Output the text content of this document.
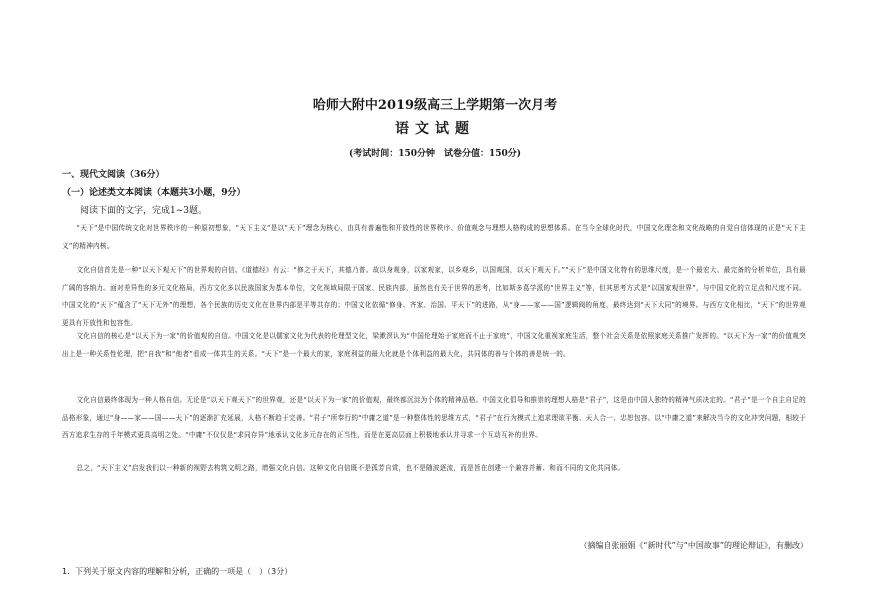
哈师大附中2019级高三上学期第一次月考
语文试题
(考试时间：150分钟　试卷分值：150分)
一、现代文阅读（36分）
（一）论述类文本阅读（本题共3小题，9分）
阅读下面的文字，完成1~3题。
“天下”是中国传统文化对世界秩序的一种原初想象，“天下主义”是以“天下”理念为核心，由具有普遍性和开放性的世界秩序、价值观念与理想人格构成的思想体系。在当今全球化时代，中国文化理念和文化战略的自觉自信体现的正是“天下主义”的精神内核。
文化自信首先是一种“以天下观天下”的世界观的自信。《道德经》有云：“修之于天下，其德乃普。故以身观身，以家观家，以乡观乡，以国观国，以天下观天下。”“天下”是中国文化特有的思维尺度，是一个最宏大、最完备的分析单位，具有最广阔的容纳力。面对差异性的多元文化格局，西方文化多以民族国家为基本单位，文化视域局限于国家、民族内部，虽然也有关于世界的思考，比如斯多葛学派的“世界主义”等，但其思考方式是“以国家观世界”，与中国文化的立足点和尺度不同。中国文化的“天下”蕴含了“天下无外”的理想，各个民族的历史文化在世界内部是平等共存的；中国文化依循“修身、齐家、治国、平天下”的进路，从“身——家——国”逻辑阀的角度，最终达到“天下大同”的境界。与西方文化相比，“天下”的世界观更具有开放性和包容性。
文化自信的核心是“以天下为一家”的价值观的自信。中国文化是以儒家文化为代表的伦理型文化，梁漱溟认为“中国伦理始于家庭而不止于家庭”，中国文化重视家庭生活，整个社会关系是依照家庭关系推广发挥的。“以天下为一家”的价值观突出上是一种关系性伦理，把“自我”和“他者”看成一体共生的关系。“天下”是一个最大的家，家庭利益的最大化就是个体利益的最大化，共同体的善与个体的善是统一的。
文化自信最终体现为一种人格自信。无论是“以天下观天下”的世界观，还是“以天下为一家”的价值观，最终都沉淀为个体的精神品格。中国文化倡导和推崇的理想人格是“君子”，这是由中国人独特的精神气质决定的。“君子”是一个自主自足的品格形象，通过“身——家——国——天下”的逐渐扩充延展，人格不断趋于完善。“君子”所奉行的“中庸之道”是一种整体性的思维方式，“君子”在行为模式上追求理欲平衡、天人合一、忠恕包容。以“中庸之道”来解决当今的文化冲突问题，相较于西方追求生存的千年模式更具高明之处。“中庸”不仅仅是“求同存异”地承认文化多元存在的正当性，而是在更高层面上积极地承认并寻求一个互动互补的世界。
总之，“天下主义”启发我们以一种新的视野去构筑文明之路，增强文化自信。这种文化自信既不是孤芳自赏，也不是随波逐流，而是旨在创建一个兼容并蓄、和而不同的文化共同体。
（摘编自张丽娟《“新时代”与“中国故事”的理论辩证》，有删改）
1．下列关于原文内容的理解和分析，正确的一项是（　）（3分）
